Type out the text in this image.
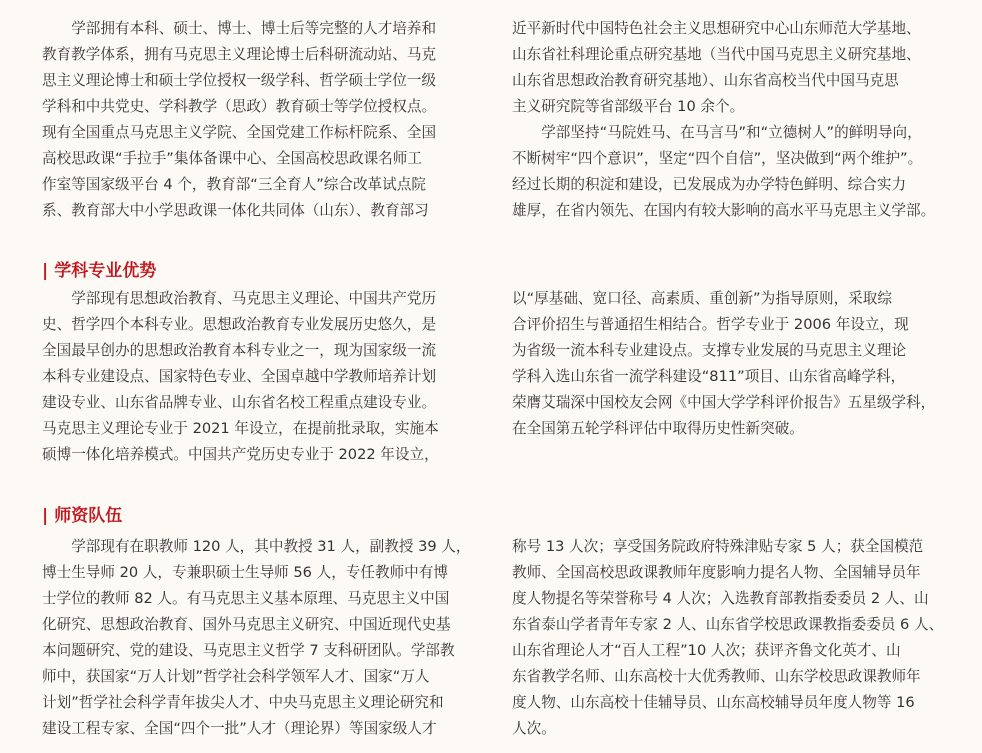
　　学部拥有本科、硕士、博士、博士后等完整的人才培养和
教育教学体系，拥有马克思主义理论博士后科研流动站、马克
思主义理论博士和硕士学位授权一级学科、哲学硕士学位一级
学科和中共党史、学科教学（思政）教育硕士等学位授权点。
现有全国重点马克思主义学院、全国党建工作标杆院系、全国
高校思政课“手拉手”集体备课中心、全国高校思政课名师工
作室等国家级平台 4 个，教育部“三全育人”综合改革试点院
系、教育部大中小学思政课一体化共同体（山东）、教育部习
近平新时代中国特色社会主义思想研究中心山东师范大学基地、
山东省社科理论重点研究基地（当代中国马克思主义研究基地、
山东省思想政治教育研究基地）、山东省高校当代中国马克思
主义研究院等省部级平台 10 余个。
　　学部坚持“马院姓马、在马言马”和“立德树人”的鲜明导向，
不断树牢“四个意识”，坚定“四个自信”，坚决做到“两个维护”。
经过长期的积淀和建设，已发展成为办学特色鲜明、综合实力
雄厚，在省内领先、在国内有较大影响的高水平马克思主义学部。
| 学科专业优势
　　学部现有思想政治教育、马克思主义理论、中国共产党历
史、哲学四个本科专业。思想政治教育专业发展历史悠久，是
全国最早创办的思想政治教育本科专业之一，现为国家级一流
本科专业建设点、国家特色专业、全国卓越中学教师培养计划
建设专业、山东省品牌专业、山东省名校工程重点建设专业。
马克思主义理论专业于 2021 年设立，在提前批录取，实施本
硕博一体化培养模式。中国共产党历史专业于 2022 年设立，
以“厚基础、宽口径、高素质、重创新”为指导原则，采取综
合评价招生与普通招生相结合。哲学专业于 2006 年设立，现
为省级一流本科专业建设点。支撑专业发展的马克思主义理论
学科入选山东省一流学科建设“811”项目、山东省高峰学科，
荣膺艾瑞深中国校友会网《中国大学学科评价报告》五星级学科，
在全国第五轮学科评估中取得历史性新突破。
| 师资队伍
　　学部现有在职教师 120 人，其中教授 31 人，副教授 39 人，
博士生导师 20 人，专兼职硕士生导师 56 人，专任教师中有博
士学位的教师 82 人。有马克思主义基本原理、马克思主义中国
化研究、思想政治教育、国外马克思主义研究、中国近现代史基
本问题研究、党的建设、马克思主义哲学 7 支科研团队。学部教
师中，获国家“万人计划”哲学社会科学领军人才、国家“万人
计划”哲学社会科学青年拔尖人才、中央马克思主义理论研究和
建设工程专家、全国“四个一批”人才（理论界）等国家级人才
称号 13 人次；享受国务院政府特殊津贴专家 5 人；获全国模范
教师、全国高校思政课教师年度影响力提名人物、全国辅导员年
度人物提名等荣誉称号 4 人次；入选教育部教指委委员 2 人、山
东省泰山学者青年专家 2 人、山东省学校思政课教指委委员 6 人、
山东省理论人才“百人工程”10 人次；获评齐鲁文化英才、山
东省教学名师、山东高校十大优秀教师、山东学校思政课教师年
度人物、山东高校十佳辅导员、山东高校辅导员年度人物等 16
人次。
